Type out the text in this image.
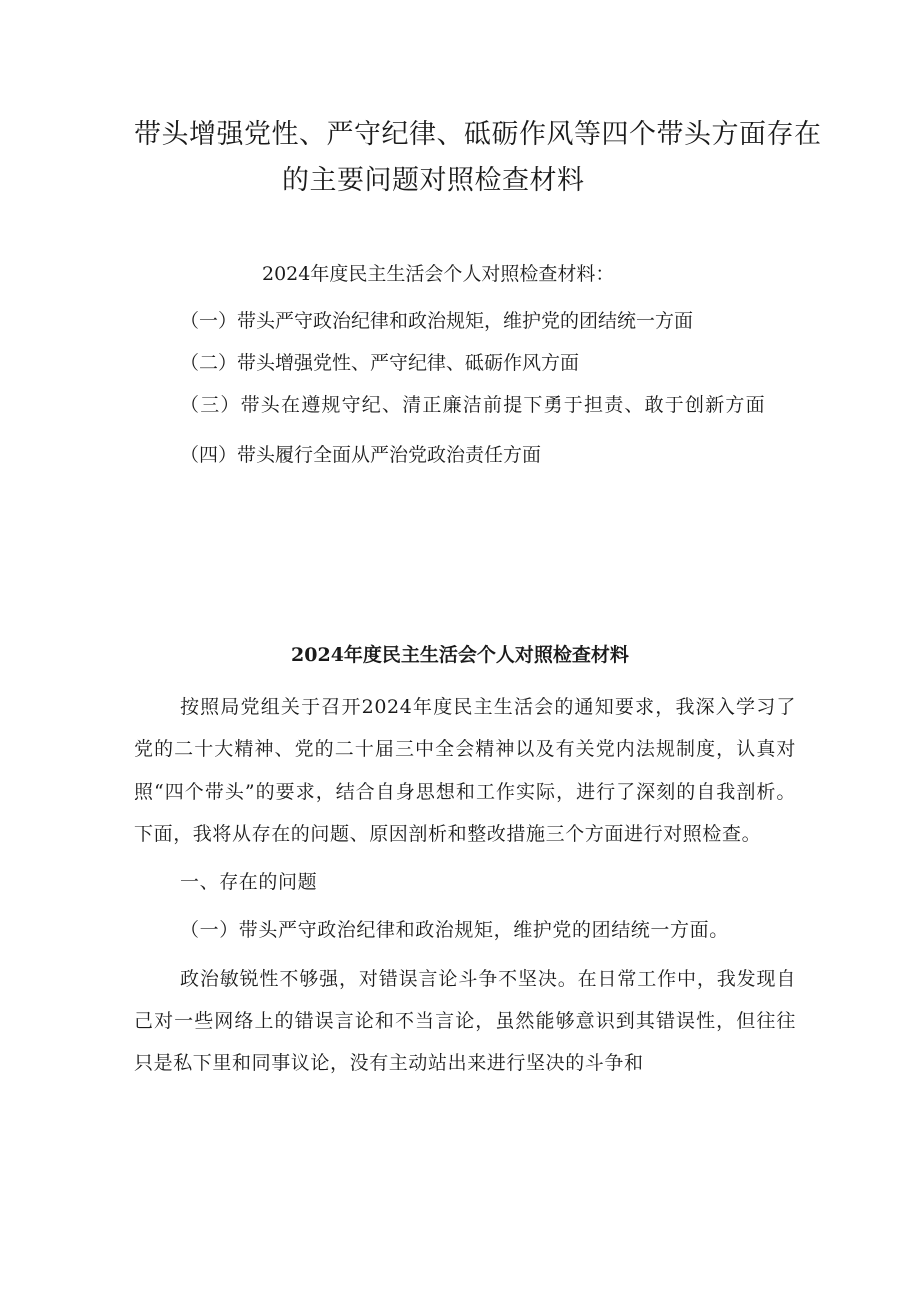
带头增强党性、严守纪律、砥砺作风等四个带头方面存在
的主要问题对照检查材料

2024年度民主生活会个人对照检查材料：

（一）带头严守政治纪律和政治规矩，维护党的团结统一方面
（二）带头增强党性、严守纪律、砥砺作风方面
（三）带头在遵规守纪、清正廉洁前提下勇于担责、敢于创新方面
（四）带头履行全面从严治党政治责任方面
2024年度民主生活会个人对照检查材料

按照局党组关于召开2024年度民主生活会的通知要求，我深入学习了党的二十大精神、党的二十届三中全会精神以及有关党内法规制度，认真对照“四个带头”的要求，结合自身思想和工作实际，进行了深刻的自我剖析。下面，我将从存在的问题、原因剖析和整改措施三个方面进行对照检查。

一、存在的问题

（一）带头严守政治纪律和政治规矩，维护党的团结统一方面。

政治敏锐性不够强，对错误言论斗争不坚决。在日常工作中，我发现自己对一些网络上的错误言论和不当言论，虽然能够意识到其错误性，但往往只是私下里和同事议论，没有主动站出来进行坚决的斗争和
